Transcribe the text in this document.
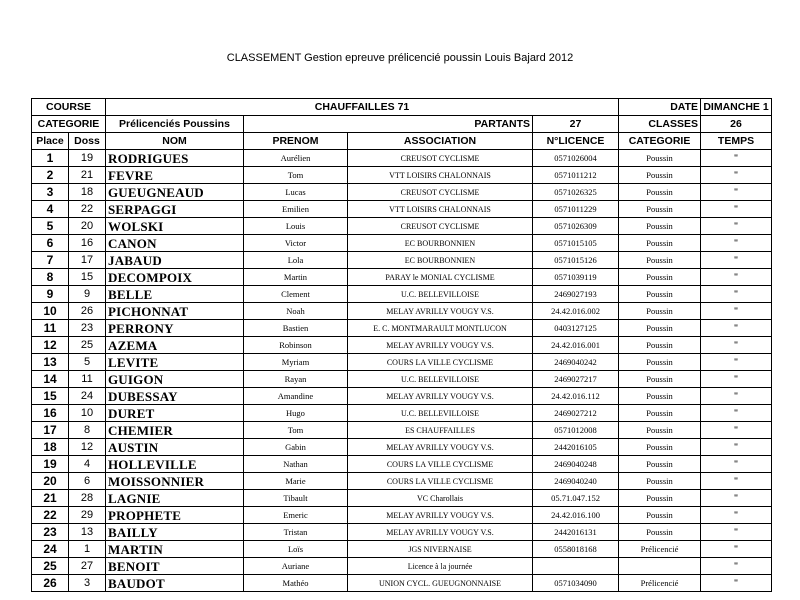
CLASSEMENT Gestion epreuve prélicencié poussin Louis Bajard 2012
COURSE		CHAUFFAILLES 71				DATE	DIMANCHE 1
CATEGORIE		Prélicenciés Poussins	PARTANTS		27	CLASSES	26
Place	Doss	NOM	PRENOM	ASSOCIATION	N°LICENCE	CATEGORIE	TEMPS
1	19	RODRIGUES	Aurélien	CREUSOT CYCLISME	0571026004	Poussin	"
2	21	FEVRE	Tom	VTT LOISIRS CHALONNAIS	0571011212	Poussin	"
3	18	GUEUGNEAUD	Lucas	CREUSOT CYCLISME	0571026325	Poussin	"
4	22	SERPAGGI	Emilien	VTT LOISIRS CHALONNAIS	0571011229	Poussin	"
5	20	WOLSKI	Louis	CREUSOT CYCLISME	0571026309	Poussin	"
6	16	CANON	Victor	EC BOURBONNIEN	0571015105	Poussin	"
7	17	JABAUD	Lola	EC BOURBONNIEN	0571015126	Poussin	"
8	15	DECOMPOIX	Martin	PARAY le MONIAL CYCLISME	0571039119	Poussin	"
9	9	BELLE	Clement	U.C. BELLEVILLOISE	2469027193	Poussin	"
10	26	PICHONNAT	Noah	MELAY AVRILLY VOUGY V.S.	24.42.016.002	Poussin	"
11	23	PERRONY	Bastien	E. C. MONTMARAULT MONTLUCON	0403127125	Poussin	"
12	25	AZEMA	Robinson	MELAY AVRILLY VOUGY V.S.	24.42.016.001	Poussin	"
13	5	LEVITE	Myriam	COURS LA VILLE CYCLISME	2469040242	Poussin	"
14	11	GUIGON	Rayan	U.C. BELLEVILLOISE	2469027217	Poussin	"
15	24	DUBESSAY	Amandine	MELAY AVRILLY VOUGY V.S.	24.42.016.112	Poussin	"
16	10	DURET	Hugo	U.C. BELLEVILLOISE	2469027212	Poussin	"
17	8	CHEMIER	Tom	ES CHAUFFAILLES	0571012008	Poussin	"
18	12	AUSTIN	Gabin	MELAY AVRILLY VOUGY V.S.	2442016105	Poussin	"
19	4	HOLLEVILLE	Nathan	COURS LA VILLE CYCLISME	2469040248	Poussin	"
20	6	MOISSONNIER	Marie	COURS LA VILLE CYCLISME	2469040240	Poussin	"
21	28	LAGNIE	Tibault	VC Charollais	05.71.047.152	Poussin	"
22	29	PROPHETE	Emeric	MELAY AVRILLY VOUGY V.S.	24.42.016.100	Poussin	"
23	13	BAILLY	Tristan	MELAY AVRILLY VOUGY V.S.	2442016131	Poussin	"
24	1	MARTIN	Loïs	JGS NIVERNAISE	0558018168	Prélicencié	"
25	27	BENOIT	Auriane	Licence à la journée			"
26	3	BAUDOT	Mathéo	UNION CYCL. GUEUGNONNAISE	0571034090	Prélicencié	"
